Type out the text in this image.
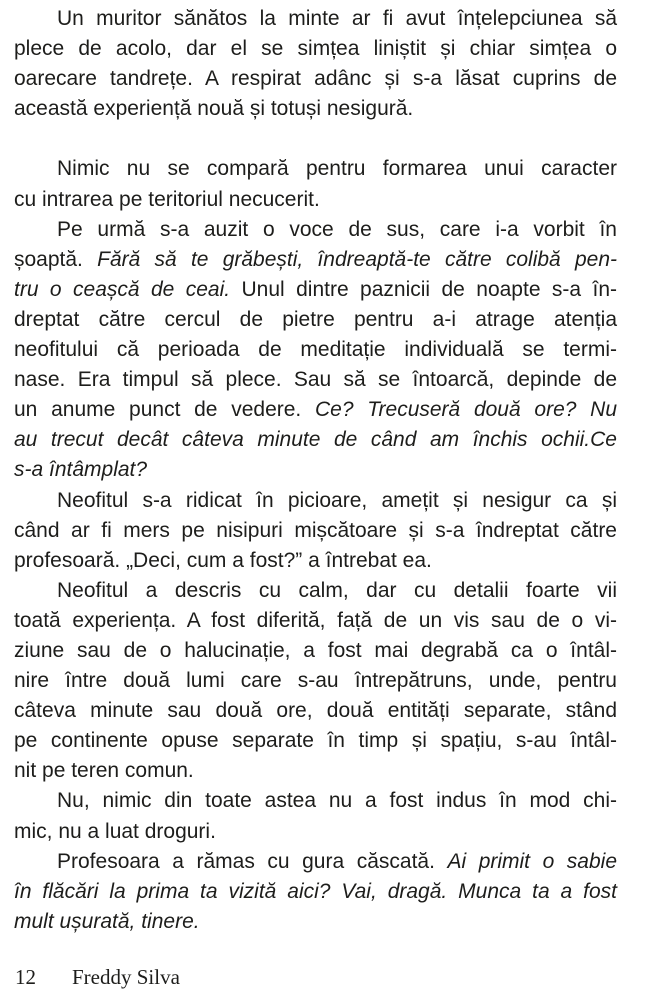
Un muritor sănătos la minte ar fi avut înțelepciunea să
plece de acolo, dar el se simțea liniștit și chiar simțea o
oarecare tandrețe. A respirat adânc și s-a lăsat cuprins de
această experiență nouă și totuși nesigură.
Nimic nu se compară pentru formarea unui caracter
cu intrarea pe teritoriul necucerit.
Pe urmă s-a auzit o voce de sus, care i-a vorbit în
șoaptă. Fără să te grăbești, îndreaptă-te către colibă pen-
tru o ceașcă de ceai. Unul dintre paznicii de noapte s-a în-
dreptat către cercul de pietre pentru a-i atrage atenția
neofitului că perioada de meditație individuală se termi-
nase. Era timpul să plece. Sau să se întoarcă, depinde de
un anume punct de vedere. Ce? Trecuseră două ore? Nu
au trecut decât câteva minute de când am închis ochii.Ce
s-a întâmplat?
Neofitul s-a ridicat în picioare, amețit și nesigur ca și
când ar fi mers pe nisipuri mișcătoare și s-a îndreptat către
profesoară. „Deci, cum a fost?” a întrebat ea.
Neofitul a descris cu calm, dar cu detalii foarte vii
toată experiența. A fost diferită, față de un vis sau de o vi-
ziune sau de o halucinație, a fost mai degrabă ca o întâl-
nire între două lumi care s-au întrepătruns, unde, pentru
câteva minute sau două ore, două entități separate, stând
pe continente opuse separate în timp și spațiu, s-au întâl-
nit pe teren comun.
Nu, nimic din toate astea nu a fost indus în mod chi-
mic, nu a luat droguri.
Profesoara a rămas cu gura căscată. Ai primit o sabie
în flăcări la prima ta vizită aici? Vai, dragă. Munca ta a fost
mult ușurată, tinere.
12 Freddy Silva
